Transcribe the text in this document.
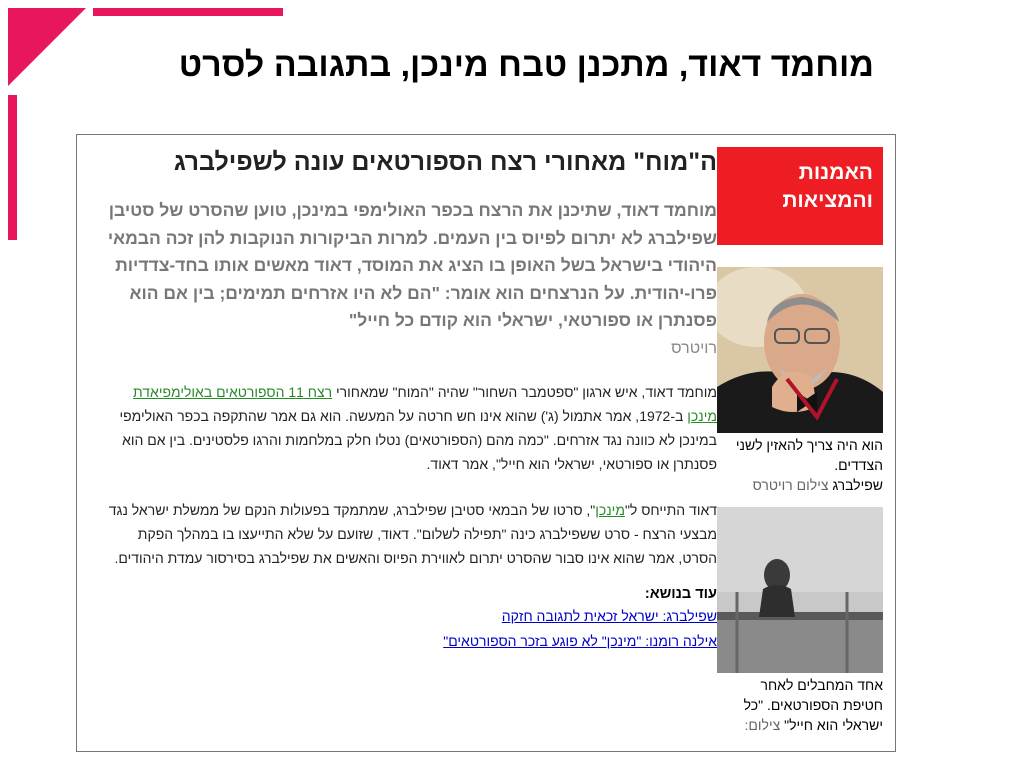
מוחמד דאוד, מתכנן טבח מינכן, בתגובה לסרט
האמנות
והמציאות
הוא היה צריך להאזין לשני הצדדים.
שפילברג צילום רויטרס
אחד המחבלים לאחר חטיפת הספורטאים. "כל ישראלי הוא חייל" צילום:
ה"מוח" מאחורי רצח הספורטאים עונה לשפילברג
מוחמד דאוד, שתיכנן את הרצח בכפר האולימפי במינכן, טוען שהסרט של סטיבן שפילברג לא יתרום לפיוס בין העמים. למרות הביקורות הנוקבות להן זכה הבמאי היהודי בישראל בשל האופן בו הציג את המוסד, דאוד מאשים אותו בחד-צדדיות פרו-יהודית. על הנרצחים הוא אומר: "הם לא היו אזרחים תמימים; בין אם הוא פסנתרן או ספורטאי, ישראלי הוא קודם כל חייל"
רויטרס
מוחמד דאוד, איש ארגון "ספטמבר השחור" שהיה "המוח" שמאחורי רצח 11 הספורטאים באולימפיאדת מינכן ב-1972, אמר אתמול (ג') שהוא אינו חש חרטה על המעשה. הוא גם אמר שהתקפה בכפר האולימפי במינכן לא כוונה נגד אזרחים. "כמה מהם (הספורטאים) נטלו חלק במלחמות והרגו פלסטינים. בין אם הוא פסנתרן או ספורטאי, ישראלי הוא חייל", אמר דאוד.
דאוד התייחס ל"מינכן", סרטו של הבמאי סטיבן שפילברג, שמתמקד בפעולות הנקם של ממשלת ישראל נגד מבצעי הרצח - סרט ששפילברג כינה "תפילה לשלום". דאוד, שזועם על שלא התייעצו בו במהלך הפקת הסרט, אמר שהוא אינו סבור שהסרט יתרום לאווירת הפיוס והאשים את שפילברג בסירסור עמדת היהודים.
עוד בנושא:
שפילברג: ישראל זכאית לתגובה חזקה
אילנה רומנו: "מינכן" לא פוגע בזכר הספורטאים"
